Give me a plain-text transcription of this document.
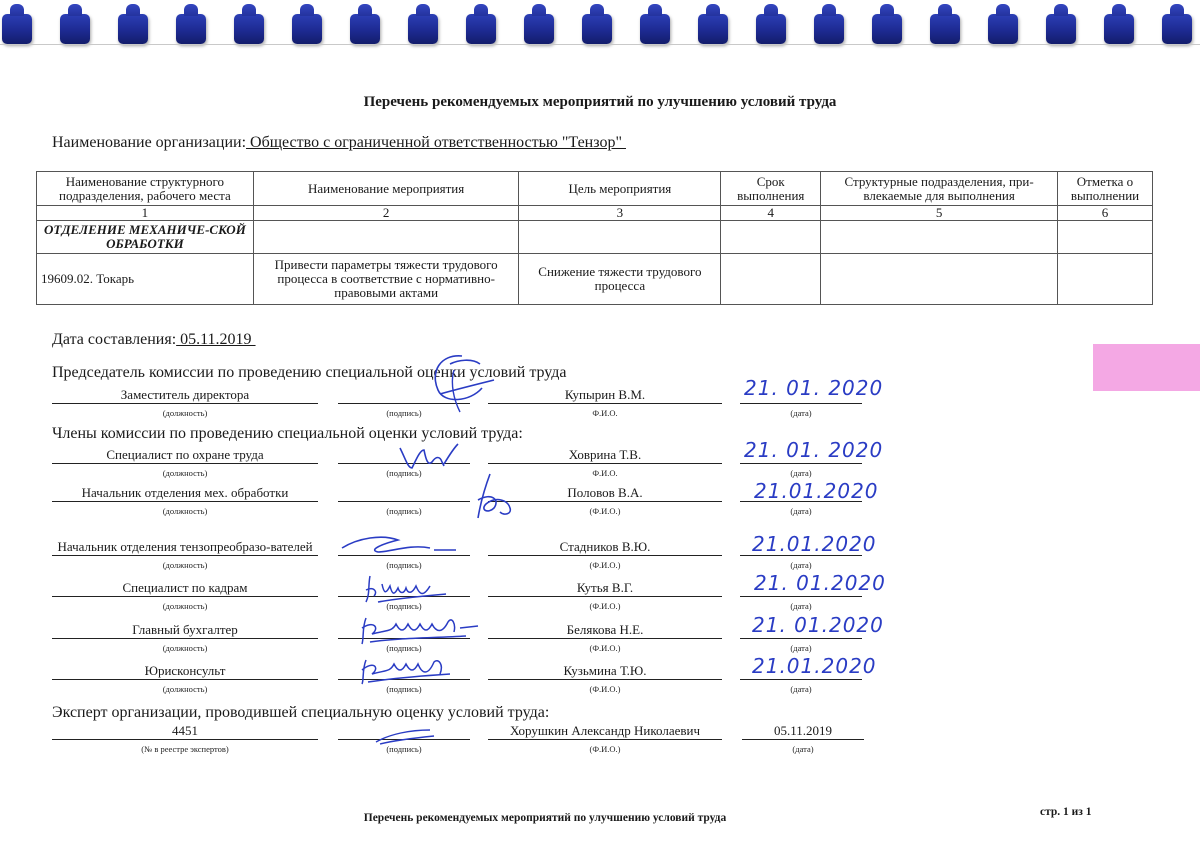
Перечень рекомендуемых мероприятий по улучшению условий труда
Наименование организации: Общество с ограниченной ответственностью "Тензор"
Наименование структурного подразделения, рабочего места	Наименование мероприятия	Цель мероприятия	Срок выполнения	Структурные подразделения, при-влекаемые для выполнения	Отметка о выполнении
1	2	3	4	5	6
ОТДЕЛЕНИЕ МЕХАНИЧЕ-СКОЙ ОБРАБОТКИ					
19609.02. Токарь	Привести параметры тяжести трудового процесса в соответствие с нормативно-правовыми актами	Снижение тяжести трудового процесса			
Дата составления: 05.11.2019
Председатель комиссии по проведению специальной оценки условий труда
Заместитель директора
(должность)	(подпись)
Купырин В.М.
Ф.И.О.	(дата)
21. 01. 2020
Члены комиссии по проведению специальной оценки условий труда:
Специалист по охране труда
(должность)	(подпись)
Ховрина Т.В.
Ф.И.О.	(дата)
21. 01. 2020
Начальник отделения мех. обработки
(должность)	(подпись)
Половов В.А.
(Ф.И.О.)	(дата)
21.01.2020
Начальник отделения тензопреобразо-вателей
(должность)	(подпись)
Стадников В.Ю.
(Ф.И.О.)	(дата)
21.01.2020
Специалист по кадрам
(должность)	(подпись)
Кутья В.Г.
(Ф.И.О.)	(дата)
21. 01.2020
Главный бухгалтер
(должность)	(подпись)
Белякова Н.Е.
(Ф.И.О.)	(дата)
21. 01.2020
Юрисконсульт
(должность)	(подпись)
Кузьмина Т.Ю.
(Ф.И.О.)	(дата)
21.01.2020
Эксперт организации, проводившей специальную оценку условий труда:
4451
(№ в реестре экспертов)	(подпись)
Хорушкин Александр Николаевич
(Ф.И.О.)
05.11.2019
(дата)
Перечень рекомендуемых мероприятий по улучшению условий труда	стр. 1 из 1
